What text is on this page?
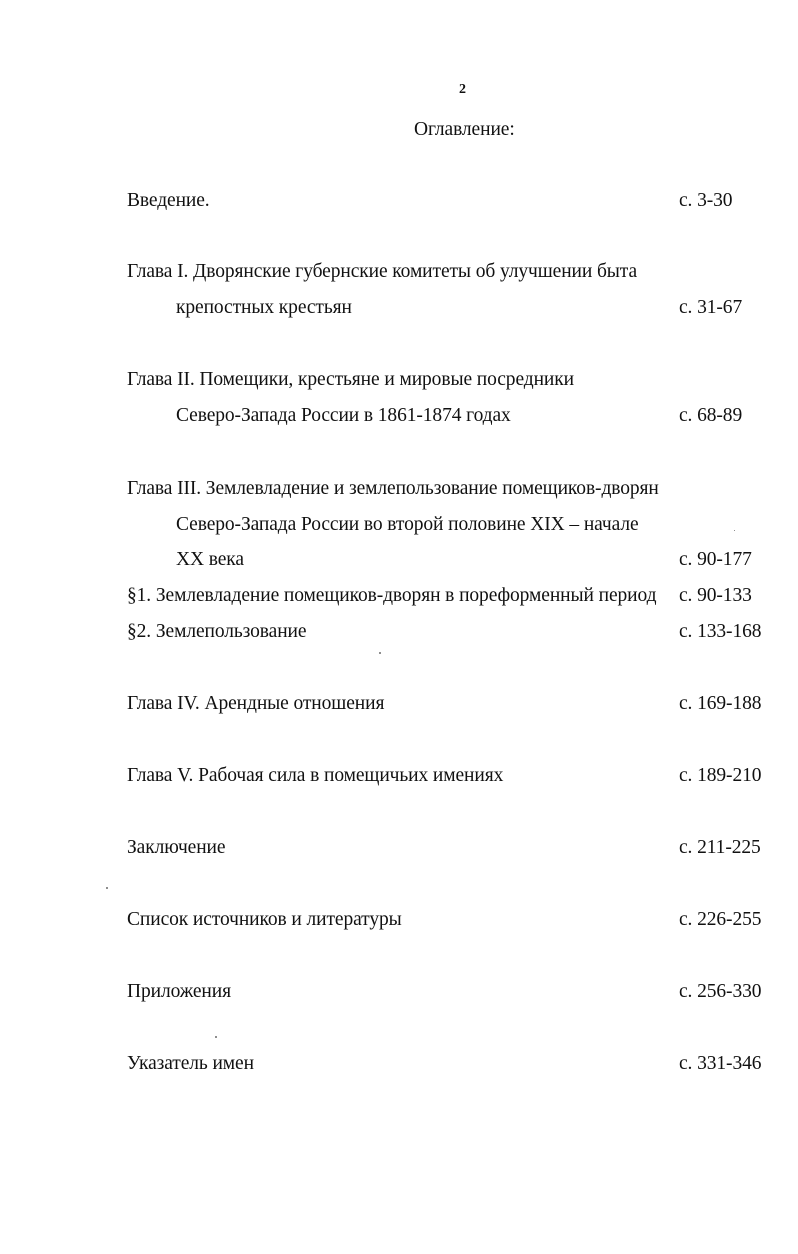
2
Оглавление:
Введение.	с. 3-30
Глава I. Дворянские губернские комитеты об улучшении быта
крепостных крестьян	с. 31-67
Глава II. Помещики, крестьяне и мировые посредники
Северо-Запада России в 1861-1874 годах	с. 68-89
Глава III. Землевладение и землепользование помещиков-дворян
Северо-Запада России во второй половине XIX – начале
XX века	с. 90-177
§1. Землевладение помещиков-дворян в пореформенный период с. 90-133
§2. Землепользование	с. 133-168
Глава IV. Арендные отношения	с. 169-188
Глава V. Рабочая сила в помещичьих имениях	с. 189-210
Заключение	с. 211-225
Список источников и литературы	с. 226-255
Приложения	с. 256-330
Указатель имен	с. 331-346
